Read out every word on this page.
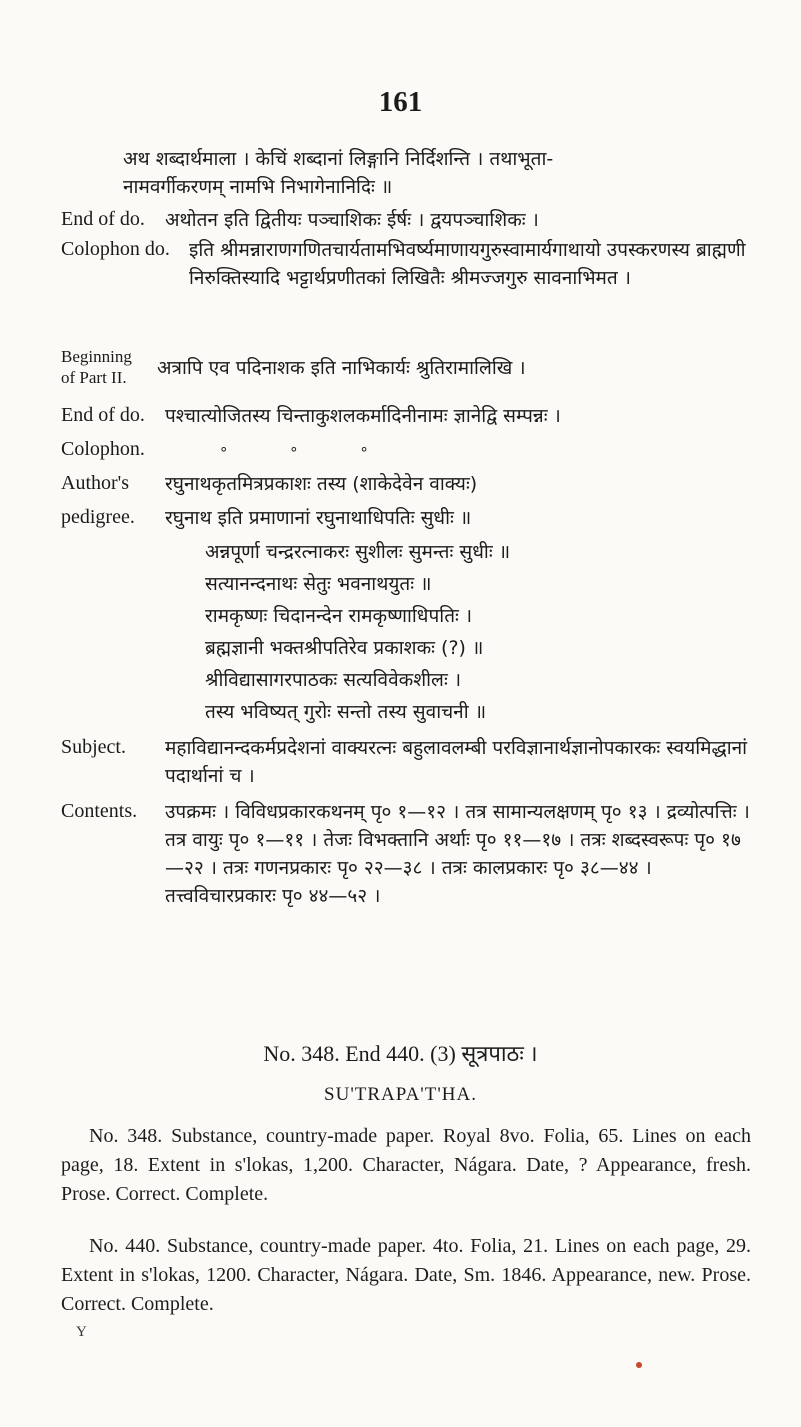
161
अथ शब्दार्थमाला । केचिं शब्दानां लिङ्गानि निर्दिशन्ति । तथाभूता-
नामवर्गीकरणम् नामभि निभागेनानिदिः ॥
End of do. अथोतन इति द्वितीयः पञ्चाशिकः ईर्षः । द्वयपञ्चाशिकः ।
Colophon do. इति श्रीमन्नाराणगणितचार्यतामभिवर्ष्यमाणायगुरुस्वामार्यगाथायो उपस्करणस्य ब्राह्मणी निरुक्तिस्यादि भट्टार्थप्रणीतकां लिखितैः श्रीमज्जगुरु सावनाभिमत ।
Beginning of Part II.	अत्रापि एव पदिनाशक इति नाभिकार्यः श्रुतिरामालिखि ।
End of do. पश्चात्योजितस्य चिन्ताकुशलकर्मादिनीनामः ज्ञानेद्वि सम्पन्नः ।
Colophon.	∘ ∘ ∘
Author's रघुनाथकृतमित्रप्रकाशः तस्य (शाकेदेवेन वाक्यः)
pedigree. रघुनाथ इति प्रमाणानां रघुनाथाधिपतिः सुधीः ॥
अन्नपूर्णा चन्द्ररत्नाकरः सुशीलः सुमन्तः सुधीः ॥
सत्यानन्दनाथः सेतुः भवनाथयुतः ॥
रामकृष्णः चिदानन्देन रामकृष्णाधिपतिः ।
ब्रह्मज्ञानी भक्तश्रीपतिरेव प्रकाशकः (?) ॥
श्रीविद्यासागरपाठकः सत्यविवेकशीलः ।
तस्य भविष्यत् गुरोः सन्तो तस्य सुवाचनी ॥
Subject. महाविद्यानन्दकर्मप्रदेशनां वाक्यरत्नः बहुलावलम्बी परविज्ञानार्थज्ञानोपकारकः स्वयमिद्धानां पदार्थानां च ।
Contents. उपक्रमः । विविधप्रकारकथनम् पृ० १—१२ । तत्र सामान्यलक्षणम् पृ० १३ । द्रव्योत्पत्तिः । तत्र वायुः पृ० १—११ । तेजः विभक्तानि अर्थाः पृ० ११—१७ । तत्रः शब्दस्वरूपः पृ० १७—२२ । तत्रः गणनप्रकारः पृ० २२—३८ । तत्रः कालप्रकारः पृ० ३८—४४ । तत्त्वविचारप्रकारः पृ० ४४—५२ ।
No. 348. End 440. (3) सूत्रपाठः ।
SU'TRAPA'T'HA.
No. 348. Substance, country-made paper. Royal 8vo. Folia, 65. Lines on each page, 18. Extent in s'lokas, 1,200. Character, Nágara. Date, ? Appearance, fresh. Prose. Correct. Complete.
No. 440. Substance, country-made paper. 4to. Folia, 21. Lines on each page, 29. Extent in s'lokas, 1200. Character, Nágara. Date, Sm. 1846. Appearance, new. Prose. Correct. Complete.
Y
